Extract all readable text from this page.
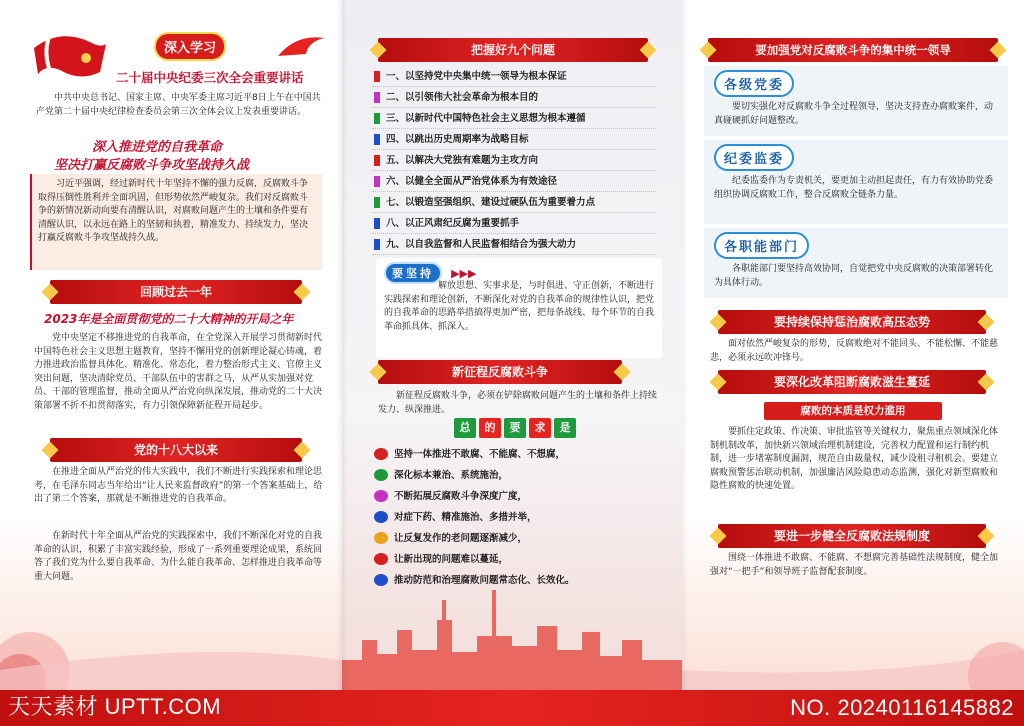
深入学习
二十届中央纪委三次全会重要讲话
中共中央总书记、国家主席、中央军委主席习近平8日上午在中国共产党第二十届中央纪律检查委员会第三次全体会议上发表重要讲话。
深入推进党的自我革命
坚决打赢反腐败斗争攻坚战持久战
习近平强调，经过新时代十年坚持不懈的强力反腐，反腐败斗争取得压倒性胜利并全面巩固，但形势依然严峻复杂。我们对反腐败斗争的新情况新动向要有清醒认识，对腐败问题产生的土壤和条件要有清醒认识，以永远在路上的坚韧和执着，精准发力、持续发力，坚决打赢反腐败斗争攻坚战持久战。
回顾过去一年
2023年是全面贯彻党的二十大精神的开局之年
党中央坚定不移推进党的自我革命，在全党深入开展学习贯彻新时代中国特色社会主义思想主题教育，坚持不懈用党的创新理论凝心铸魂，着力推进政治监督具体化、精准化、常态化，着力整治形式主义、官僚主义突出问题，坚决清除党员、干部队伍中的害群之马，从严从实加强对党员、干部的管理监督，推动全面从严治党向纵深发展，推动党的二十大决策部署不折不扣贯彻落实，有力引领保障新征程开局起步。
党的十八大以来
在推进全面从严治党的伟大实践中，我们不断进行实践探索和理论思考，在毛泽东同志当年给出“让人民来监督政府”的第一个答案基础上，给出了第二个答案，那就是不断推进党的自我革命。
在新时代十年全面从严治党的实践探索中，我们不断深化对党的自我革命的认识，积累了丰富实践经验，形成了一系列重要理论成果，系统回答了我们党为什么要自我革命、为什么能自我革命、怎样推进自我革命等重大问题。
把握好九个问题
一、以坚持党中央集中统一领导为根本保证
二、以引领伟大社会革命为根本目的
三、以新时代中国特色社会主义思想为根本遵循
四、以跳出历史周期率为战略目标
五、以解决大党独有难题为主攻方向
六、以健全全面从严治党体系为有效途径
七、以锻造坚强组织、建设过硬队伍为重要着力点
八、以正风肃纪反腐为重要抓手
九、以自我监督和人民监督相结合为强大动力
要坚持 ▶▶▶
解放思想、实事求是，与时俱进、守正创新，不断进行实践探索和理论创新，不断深化对党的自我革命的规律性认识，把党的自我革命的思路举措搞得更加严密，把每条战线、每个环节的自我革命抓具体、抓深入。
新征程反腐败斗争
新征程反腐败斗争，必须在铲除腐败问题产生的土壤和条件上持续发力、纵深推进。
总	的	要	求	是
坚持一体推进不敢腐、不能腐、不想腐，
深化标本兼治、系统施治，
不断拓展反腐败斗争深度广度，
对症下药、精准施治、多措并举，
让反复发作的老问题逐渐减少，
让新出现的问题难以蔓延，
推动防范和治理腐败问题常态化、长效化。
要加强党对反腐败斗争的集中统一领导
各级党委
要切实强化对反腐败斗争全过程领导，坚决支持查办腐败案件，动真碰硬抓好问题整改。
纪委监委
纪委监委作为专责机关，要更加主动担起责任，有力有效协助党委组织协调反腐败工作，整合反腐败全链条力量。
各职能部门
各职能部门要坚持高效协同，自觉把党中央反腐败的决策部署转化为具体行动。
要持续保持惩治腐败高压态势
面对依然严峻复杂的形势，反腐败绝对不能回头、不能松懈、不能慈悲，必须永远吹冲锋号。
要深化改革阻断腐败滋生蔓延
腐败的本质是权力滥用
要抓住定政策、作决策、审批监管等关键权力，聚焦重点领域深化体制机制改革，加快新兴领域治理机制建设，完善权力配置和运行制约机制，进一步堵塞制度漏洞，规范自由裁量权，减少设租寻租机会。要建立腐败预警惩治联动机制，加强廉洁风险隐患动态监测，强化对新型腐败和隐性腐败的快速处置。
要进一步健全反腐败法规制度
围绕一体推进不敢腐、不能腐、不想腐完善基础性法规制度，健全加强对“一把手”和领导班子监督配套制度。
天天素材 UPTT.COM	NO. 20240116145882
